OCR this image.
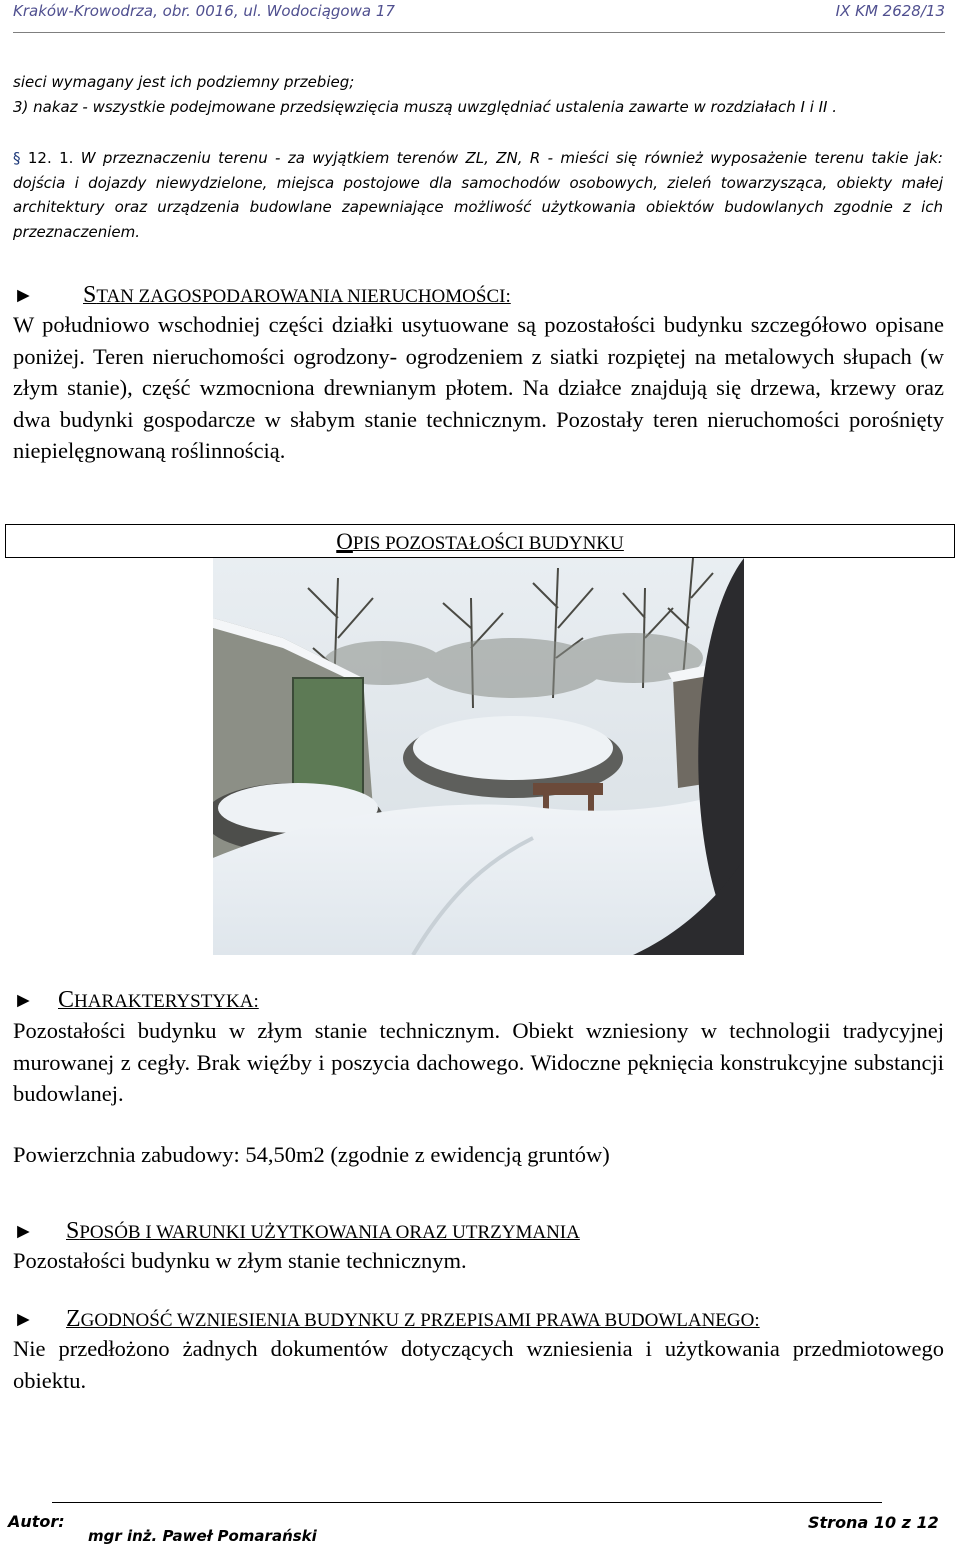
Kraków-Krowodrza, obr. 0016, ul. Wodociągowa 17	IX KM 2628/13

sieci wymagany jest ich podziemny przebieg;

3) nakaz - wszystkie podejmowane przedsięwzięcia muszą uwzględniać ustalenia zawarte w rozdziałach I i II .

§ 12. 1. W przeznaczeniu terenu - za wyjątkiem terenów ZL, ZN, R - mieści się również wyposażenie terenu takie jak: dojścia i dojazdy niewydzielone, miejsca postojowe dla samochodów osobowych, zieleń towarzysząca, obiekty małej architektury oraz urządzenia budowlane zapewniające możliwość użytkowania obiektów budowlanych zgodnie z ich przeznaczeniem.

► STAN ZAGOSPODAROWANIA NIERUCHOMOŚCI:

W południowo wschodniej części działki usytuowane są pozostałości budynku szczegółowo opisane poniżej. Teren nieruchomości ogrodzony- ogrodzeniem z siatki rozpiętej na metalowych słupach (w złym stanie), część wzmocniona drewnianym płotem. Na działce znajdują się drzewa, krzewy oraz dwa budynki gospodarcze w słabym stanie technicznym. Pozostały teren nieruchomości porośnięty niepielęgnowaną roślinnością.

OPIS POZOSTAŁOŚCI BUDYNKU

► CHARAKTERYSTYKA:

Pozostałości budynku w złym stanie technicznym. Obiekt wzniesiony w technologii tradycyjnej murowanej z cegły. Brak więźby i poszycia dachowego. Widoczne pęknięcia konstrukcyjne substancji budowlanej.

Powierzchnia zabudowy: 54,50m2 (zgodnie z ewidencją gruntów)

► SPOSÓB I WARUNKI UŻYTKOWANIA ORAZ UTRZYMANIA

Pozostałości budynku w złym stanie technicznym.

► ZGODNOŚĆ WZNIESIENIA BUDYNKU Z PRZEPISAMI PRAWA BUDOWLANEGO:

Nie przedłożono żadnych dokumentów dotyczących wzniesienia i użytkowania przedmiotowego obiektu.

Autor:
mgr inż. Paweł Pomarański
Strona 10 z 12
